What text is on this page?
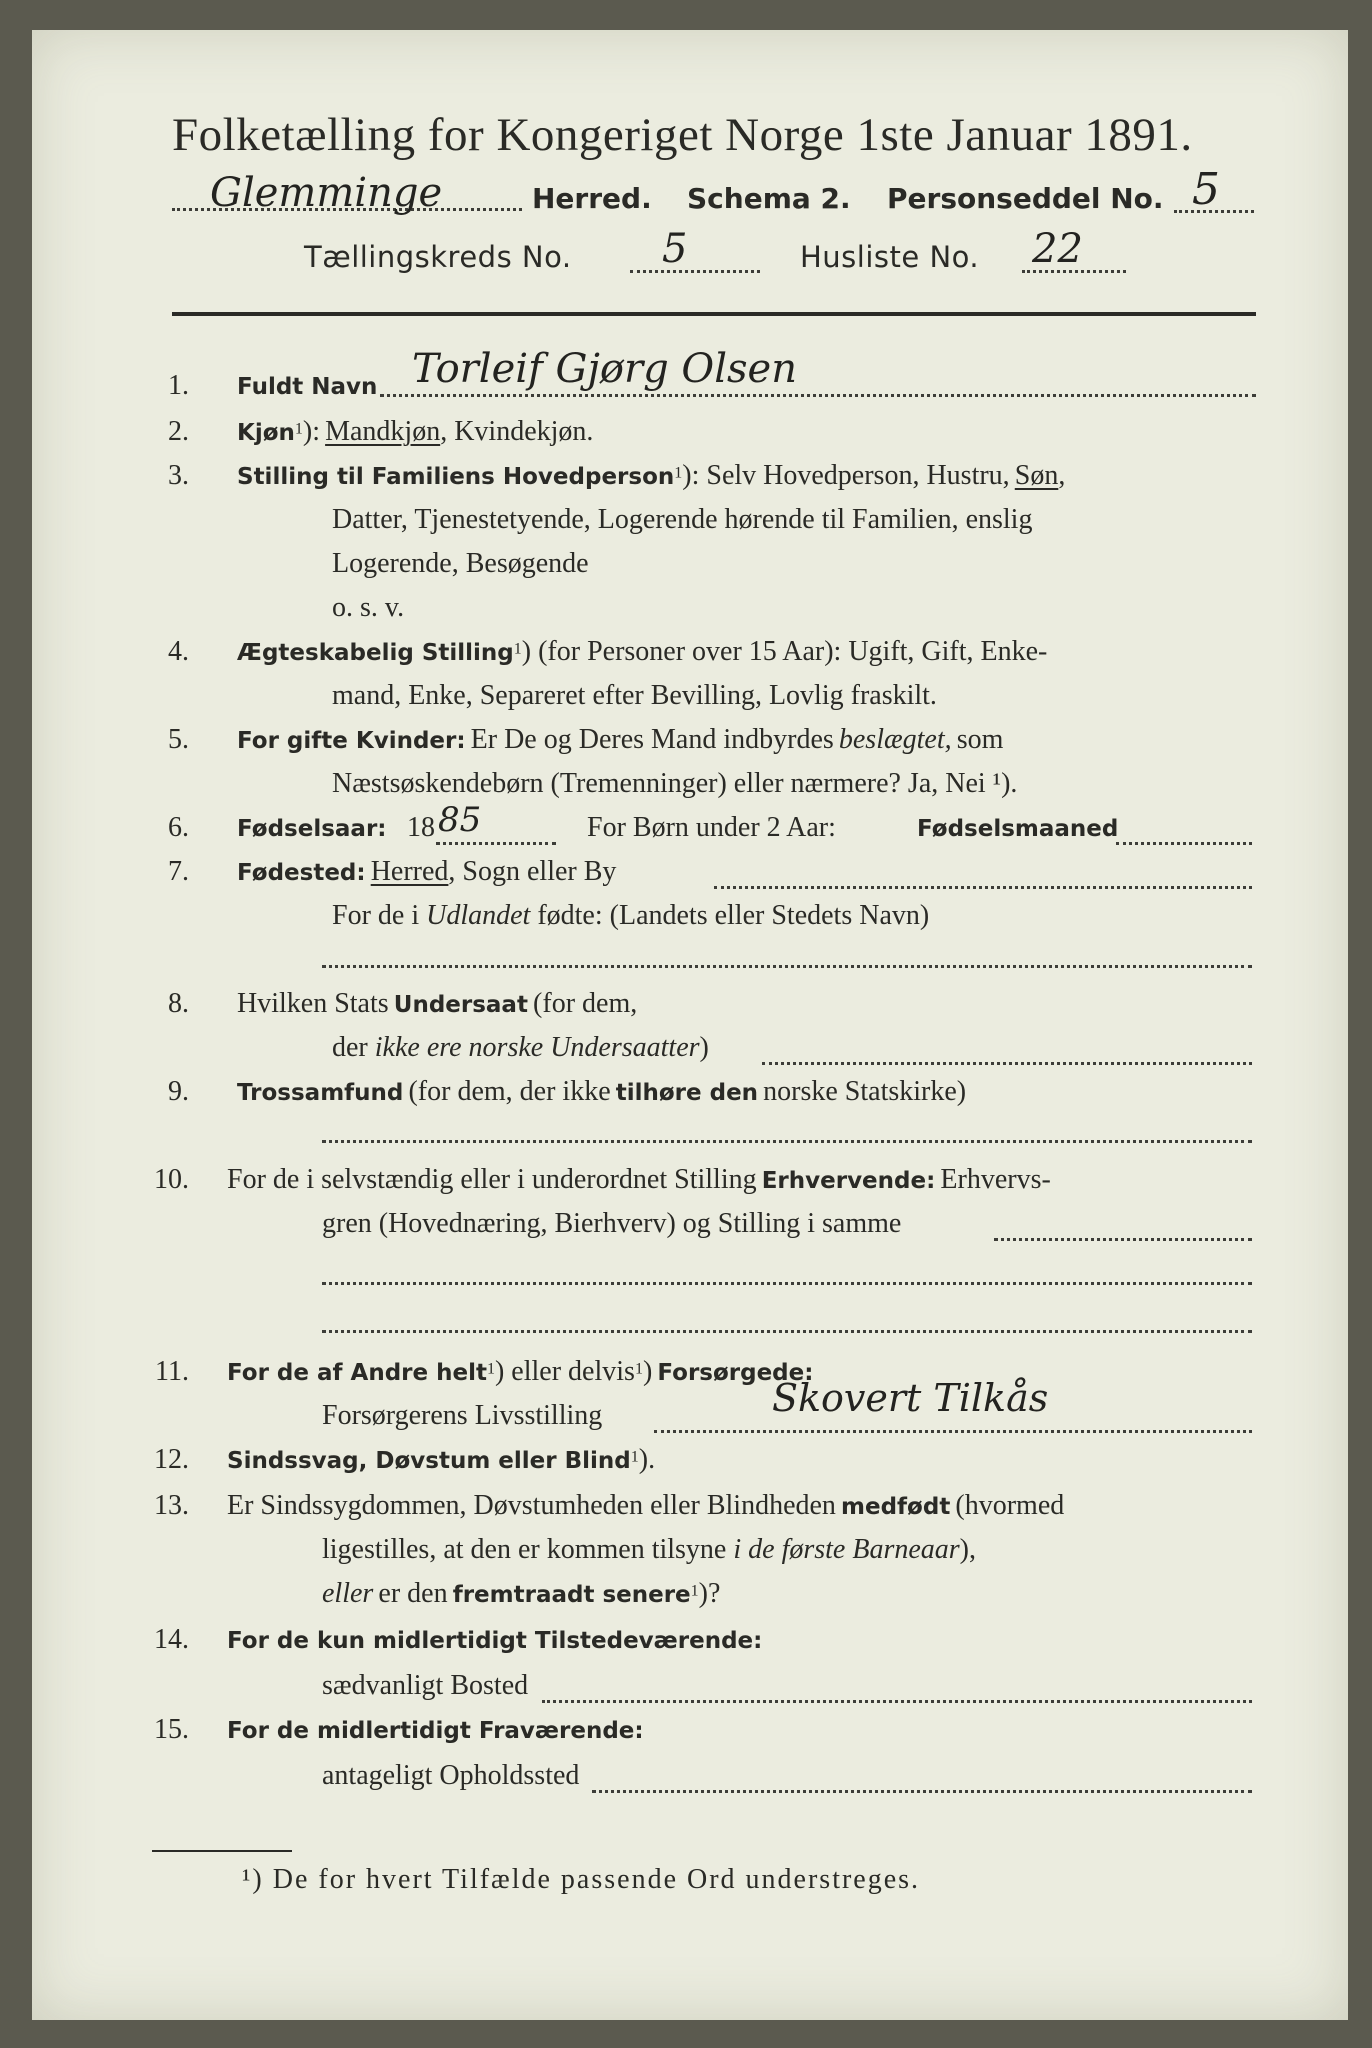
Folketælling for Kongeriget Norge 1ste Januar 1891.
Glemminge	Herred. Schema 2. Personseddel No. 5
Tællingskreds No. 5	Husliste No. 22
1. Fuldt Navn Torleif Gjørg Olsen
2. Kjøn$^1$): Mandkjøn, Kvindekjøn.
3. Stilling til Familiens Hovedperson$^1$): Selv Hovedperson, Hustru, Søn,
Datter, Tjenestetyende, Logerende hørende til Familien, enslig
Logerende, Besøgende
o. s. v.
4. Ægteskabelig Stilling$^1$) (for Personer over 15 Aar): Ugift, Gift, Enke-
mand, Enke, Separeret efter Bevilling, Lovlig fraskilt.
5. For gifte Kvinder: Er De og Deres Mand indbyrdes beslægtet, som
Næstsøskendebørn (Tremenninger) eller nærmere? Ja, Nei ¹).
6. Fødselsaar: 18 85	For Børn under 2 Aar:	Fødselsmaaned
7. Fødested: Herred, Sogn eller By
For de i Udlandet fødte: (Landets eller Stedets Navn)
8. Hvilken Stats Undersaat (for dem,
der ikke ere norske Undersaatter)
9. Trossamfund (for dem, der ikke tilhøre den norske Statskirke)
10. For de i selvstændig eller i underordnet Stilling Erhvervende: Erhvervs-
gren (Hovednæring, Bierhverv) og Stilling i samme
11. For de af Andre helt$^1$) eller delvis$^1$) Forsørgede:
Forsørgerens Livsstilling	Skovert Tilkås
12. Sindssvag, Døvstum eller Blind$^1$).
13. Er Sindssygdommen, Døvstumheden eller Blindheden medfødt (hvormed
ligestilles, at den er kommen tilsyne i de første Barneaar),
eller er den fremtraadt senere$^1$)?
14. For de kun midlertidigt Tilstedeværende:
sædvanligt Bosted
15. For de midlertidigt Fraværende:
antageligt Opholdssted
¹) De for hvert Tilfælde passende Ord understreges.
